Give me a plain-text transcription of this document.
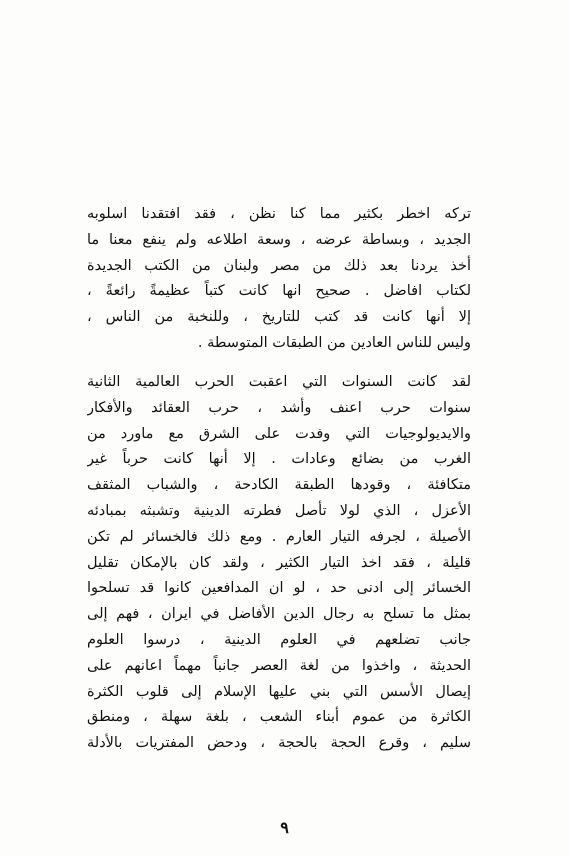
تركه اخطر بكثير مما كنا نظن ، فقد افتقدنا اسلوبه
الجديد ، وبساطة عرضه ، وسعة اطلاعه ولم ينفع معنا ما
أخذ يردنا بعد ذلك من مصر ولبنان من الكتب الجديدة
لكتاب افاضل . صحيح انها كانت كتباً عظيمةً رائعةً ،
إلا أنها كانت قد كتب للتاريخ ، وللنخبة من الناس ،
وليس للناس العادين من الطبقات المتوسطة .
لقد كانت السنوات التي اعقبت الحرب العالمية الثانية
سنوات حرب اعنف وأشد ، حرب العقائد والأفكار
والايديولوجيات التي وفدت على الشرق مع ماورد من
الغرب من بضائع وعادات . إلا أنها كانت حرباً غير
متكافئة ، وقودها الطبقة الكادحة ، والشباب المثقف
الأعزل ، الذي لولا تأصل فطرته الدينية وتشبثه بمبادئه
الأصيلة ، لجرفه التيار العارم . ومع ذلك فالخسائر لم تكن
قليلة ، فقد اخذ التيار الكثير ، ولقد كان بالإمكان تقليل
الخسائر إلى ادنى حد ، لو ان المدافعين كانوا قد تسلحوا
بمثل ما تسلح به رجال الدين الأفاضل في ايران ، فهم إلى
جانب تضلعهم في العلوم الدينية ، درسوا العلوم
الحديثة ، واخذوا من لغة العصر جانباً مهماً اعانهم على
إيصال الأسس التي بني عليها الإسلام إلى قلوب الكثرة
الكاثرة من عموم أبناء الشعب ، بلغة سهلة ، ومنطق
سليم ، وقرع الحجة بالحجة ، ودحض المفتريات بالأدلة
٩
